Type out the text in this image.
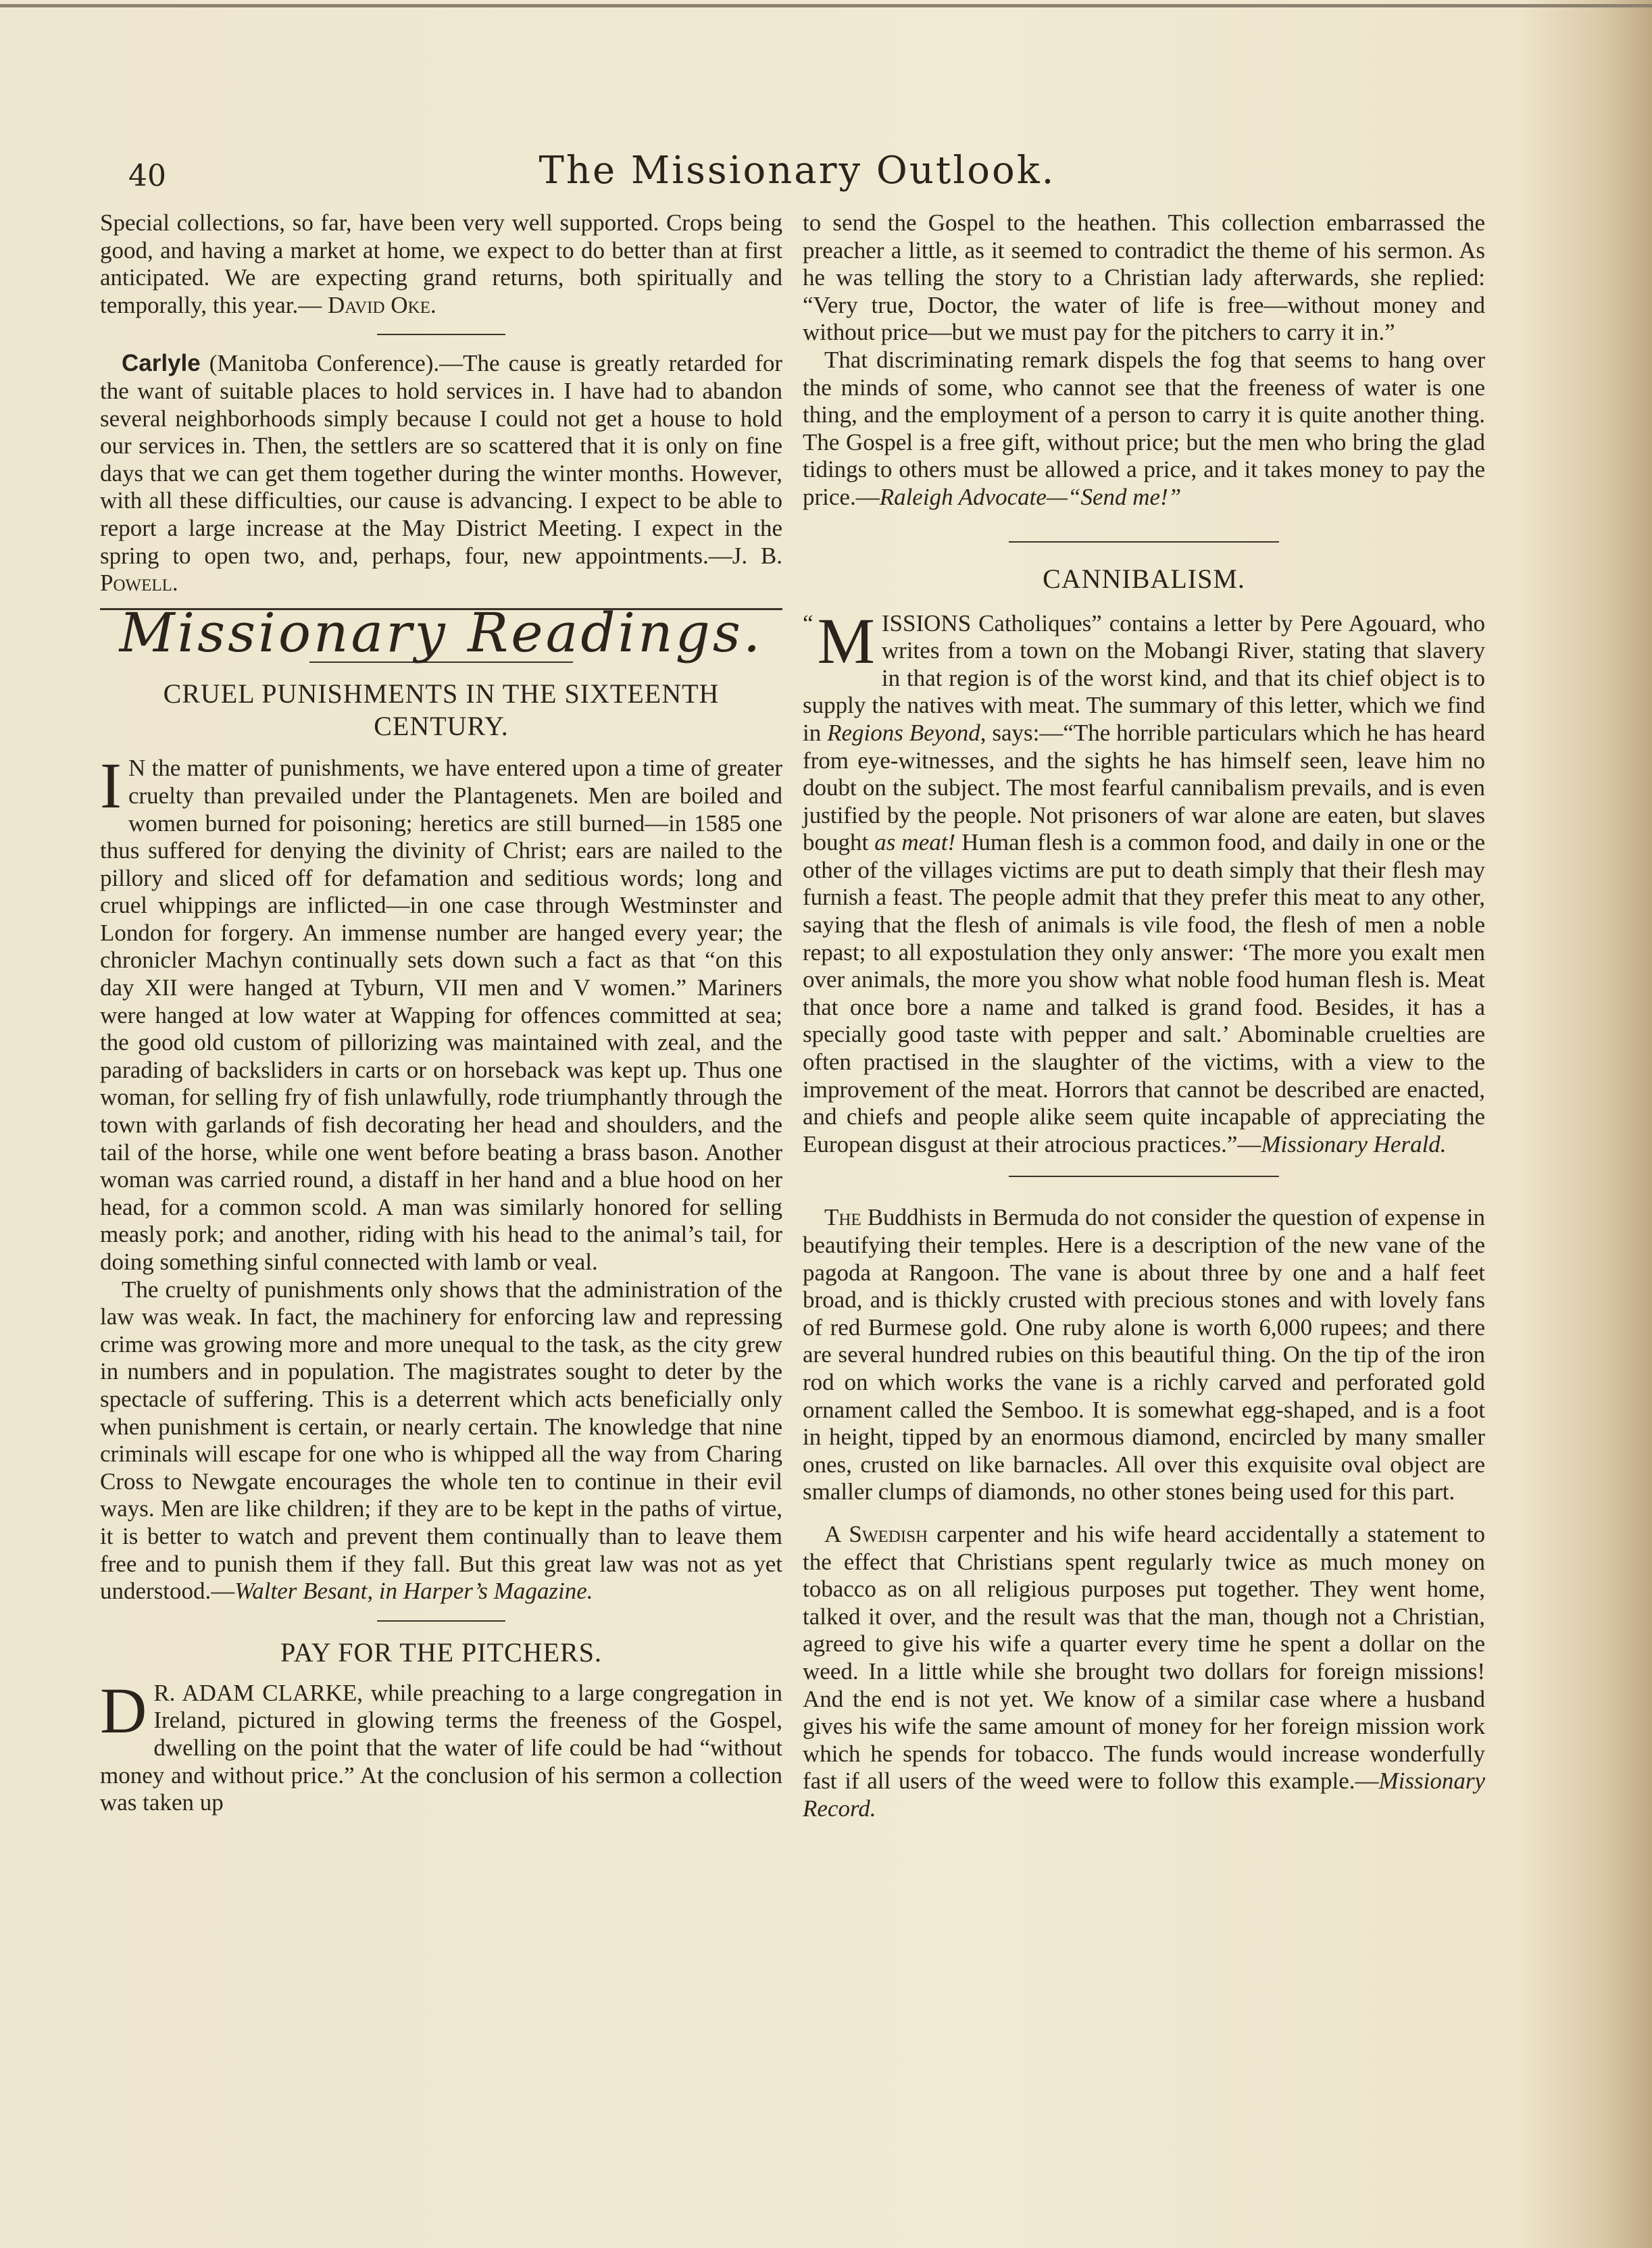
40	The Missionary Outlook.

Special collections, so far, have been very well supported. Crops being good, and having a market at home, we expect to do better than at first anticipated. We are expecting grand returns, both spiritually and temporally, this year.— David Oke.

Carlyle (Manitoba Conference).—The cause is greatly retarded for the want of suitable places to hold services in. I have had to abandon several neighborhoods simply because I could not get a house to hold our services in. Then, the settlers are so scattered that it is only on fine days that we can get them together during the winter months. However, with all these difficulties, our cause is advancing. I expect to be able to report a large increase at the May District Meeting. I expect in the spring to open two, and, perhaps, four, new appointments.—J. B. Powell.

Missionary Readings.
CRUEL PUNISHMENTS IN THE SIXTEENTH CENTURY.

I N the matter of punishments, we have entered upon a time of greater cruelty than prevailed under the Plantagenets. Men are boiled and women burned for poisoning; heretics are still burned—in 1585 one thus suffered for denying the divinity of Christ; ears are nailed to the pillory and sliced off for defamation and seditious words; long and cruel whippings are inflicted—in one case through Westminster and London for forgery. An immense number are hanged every year; the chronicler Machyn continually sets down such a fact as that “on this day XII were hanged at Tyburn, VII men and V women.” Mariners were hanged at low water at Wapping for offences committed at sea; the good old custom of pillorizing was maintained with zeal, and the parading of backsliders in carts or on horseback was kept up. Thus one woman, for selling fry of fish unlawfully, rode triumphantly through the town with garlands of fish decorating her head and shoulders, and the tail of the horse, while one went before beating a brass bason. Another woman was carried round, a distaff in her hand and a blue hood on her head, for a common scold. A man was similarly honored for selling measly pork; and another, riding with his head to the animal’s tail, for doing something sinful connected with lamb or veal.

The cruelty of punishments only shows that the administration of the law was weak. In fact, the machinery for enforcing law and repressing crime was growing more and more unequal to the task, as the city grew in numbers and in population. The magistrates sought to deter by the spectacle of suffering. This is a deterrent which acts beneficially only when punishment is certain, or nearly certain. The knowledge that nine criminals will escape for one who is whipped all the way from Charing Cross to Newgate encourages the whole ten to continue in their evil ways. Men are like children; if they are to be kept in the paths of virtue, it is better to watch and prevent them continually than to leave them free and to punish them if they fall. But this great law was not as yet understood.—Walter Besant, in Harper’s Magazine.

PAY FOR THE PITCHERS.

D R. ADAM CLARKE, while preaching to a large congregation in Ireland, pictured in glowing terms the freeness of the Gospel, dwelling on the point that the water of life could be had “without money and without price.” At the conclusion of his sermon a collection was taken up

to send the Gospel to the heathen. This collection embarrassed the preacher a little, as it seemed to contradict the theme of his sermon. As he was telling the story to a Christian lady afterwards, she replied: “Very true, Doctor, the water of life is free—without money and without price—but we must pay for the pitchers to carry it in.”

That discriminating remark dispels the fog that seems to hang over the minds of some, who cannot see that the freeness of water is one thing, and the employment of a person to carry it is quite another thing. The Gospel is a free gift, without price; but the men who bring the glad tidings to others must be allowed a price, and it takes money to pay the price.—Raleigh Advocate—“Send me!”

CANNIBALISM.

“ M ISSIONS Catholiques” contains a letter by Pere Agouard, who writes from a town on the Mobangi River, stating that slavery in that region is of the worst kind, and that its chief object is to supply the natives with meat. The summary of this letter, which we find in Regions Beyond, says:—“The horrible particulars which he has heard from eye-witnesses, and the sights he has himself seen, leave him no doubt on the subject. The most fearful cannibalism prevails, and is even justified by the people. Not prisoners of war alone are eaten, but slaves bought as meat! Human flesh is a common food, and daily in one or the other of the villages victims are put to death simply that their flesh may furnish a feast. The people admit that they prefer this meat to any other, saying that the flesh of animals is vile food, the flesh of men a noble repast; to all expostulation they only answer: ‘The more you exalt men over animals, the more you show what noble food human flesh is. Meat that once bore a name and talked is grand food. Besides, it has a specially good taste with pepper and salt.’ Abominable cruelties are often practised in the slaughter of the victims, with a view to the improvement of the meat. Horrors that cannot be described are enacted, and chiefs and people alike seem quite incapable of appreciating the European disgust at their atrocious practices.”—Missionary Herald.

The Buddhists in Bermuda do not consider the question of expense in beautifying their temples. Here is a description of the new vane of the pagoda at Rangoon. The vane is about three by one and a half feet broad, and is thickly crusted with precious stones and with lovely fans of red Burmese gold. One ruby alone is worth 6,000 rupees; and there are several hundred rubies on this beautiful thing. On the tip of the iron rod on which works the vane is a richly carved and perforated gold ornament called the Semboo. It is somewhat egg-shaped, and is a foot in height, tipped by an enormous diamond, encircled by many smaller ones, crusted on like barnacles. All over this exquisite oval object are smaller clumps of diamonds, no other stones being used for this part.

A Swedish carpenter and his wife heard accidentally a statement to the effect that Christians spent regularly twice as much money on tobacco as on all religious purposes put together. They went home, talked it over, and the result was that the man, though not a Christian, agreed to give his wife a quarter every time he spent a dollar on the weed. In a little while she brought two dollars for foreign missions! And the end is not yet. We know of a similar case where a husband gives his wife the same amount of money for her foreign mission work which he spends for tobacco. The funds would increase wonderfully fast if all users of the weed were to follow this example.—Missionary Record.
